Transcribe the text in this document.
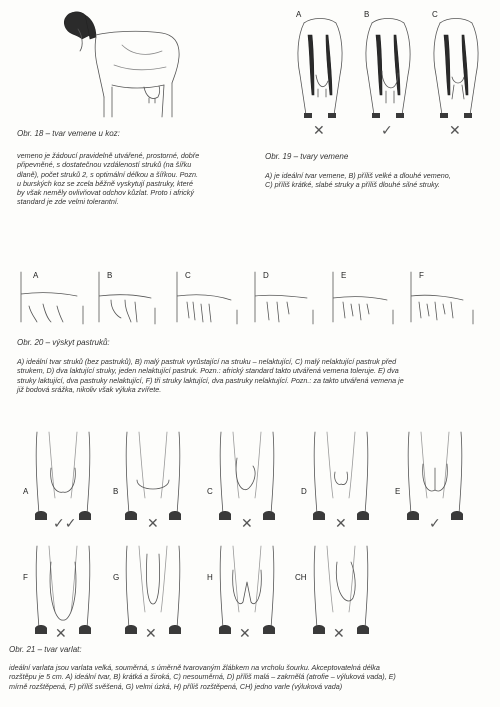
A
✕
B
✓
C
✕
Obr. 18 – tvar vemene u koz:
vemeno je žádoucí pravidelně utvářené, prostorné, dobře
připevněné, s dostatečnou vzdáleností struků (na šířku
dlaně), počet struků 2, s optimální délkou a šířkou. Pozn.
u burských koz se zcela běžně vyskytují pastruky, které
by však neměly ovlivňovat odchov kůzlat. Proto i africký
standard je zde velmi tolerantní.
Obr. 19 – tvary vemene
A) je ideální tvar vemene, B) příliš velké a dlouhé vemeno,
C) příliš krátké, slabé struky a příliš dlouhé silné struky.
A	B	C	D	E	F
Obr. 20 – výskyt pastruků:
A) ideální tvar struků (bez pastruků), B) malý pastruk vyrůstající na struku – nelaktující, C) malý nelaktující pastruk před
strukem, D) dva laktující struky, jeden nelaktující pastruk. Pozn.: africký standard takto utvářená vemena toleruje. E) dva
struky laktující, dva pastruky nelaktující, F) tři struky laktující, dva pastruky nelaktující. Pozn.: za takto utvářená vemena je
již bodová srážka, nikoliv však výluka zvířete.
A
✓✓
B
✕
C
✕
D
✕
E
✓
F
✕
G
✕
H
✕
CH
✕
Obr. 21 – tvar varlat:
ideální varlata jsou varlata velká, souměrná, s úměrně tvarovaným žlábkem na vrcholu šourku. Akceptovatelná délka
rozštěpu je 5 cm. A) ideální tvar, B) krátká a široká, C) nesouměrná, D) příliš malá – zakrnělá (atrofie – výluková vada), E)
mírně rozštěpená, F) příliš svěšená, G) velmi úzká, H) příliš rozštěpená, CH) jedno varle (výluková vada)
